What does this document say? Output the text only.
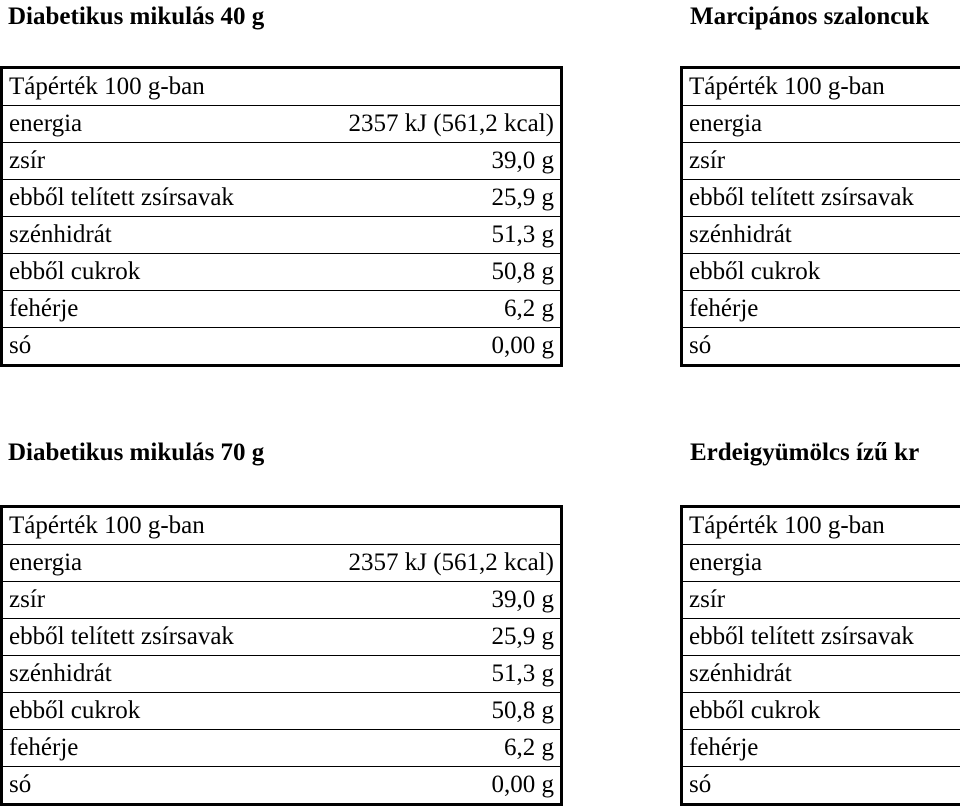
Diabetikus mikulás 40 g
Tápérték 100 g-ban	
energia	2357 kJ (561,2 kcal)
zsír	39,0 g
ebből telített zsírsavak	25,9 g
szénhidrát	51,3 g
ebből cukrok	50,8 g
fehérje	6,2 g
só	0,00 g
Marcipános szaloncuk
Tápérték 100 g-ban
energia
zsír
ebből telített zsírsavak
szénhidrát
ebből cukrok
fehérje
só
Diabetikus mikulás 70 g
Tápérték 100 g-ban	
energia	2357 kJ (561,2 kcal)
zsír	39,0 g
ebből telített zsírsavak	25,9 g
szénhidrát	51,3 g
ebből cukrok	50,8 g
fehérje	6,2 g
só	0,00 g
Erdeigyümölcs ízű kr
Tápérték 100 g-ban
energia
zsír
ebből telített zsírsavak
szénhidrát
ebből cukrok
fehérje
só
